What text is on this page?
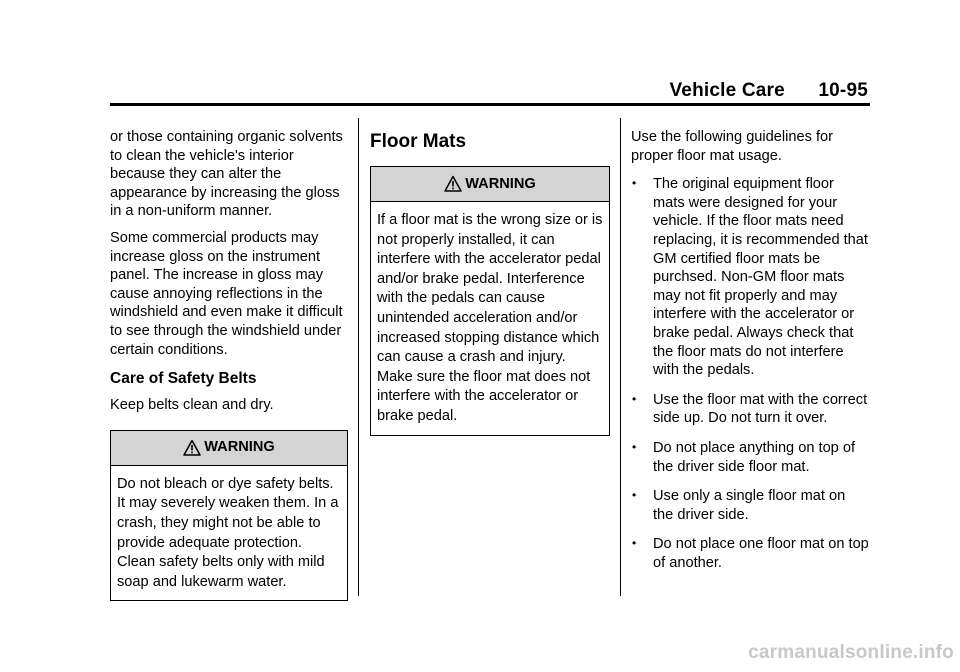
Vehicle Care 10-95

or those containing organic solvents to clean the vehicle's interior because they can alter the appearance by increasing the gloss in a non-uniform manner.

Some commercial products may increase gloss on the instrument panel. The increase in gloss may cause annoying reflections in the windshield and even make it difficult to see through the windshield under certain conditions.

Care of Safety Belts

Keep belts clean and dry.

WARNING
Do not bleach or dye safety belts. It may severely weaken them. In a crash, they might not be able to provide adequate protection. Clean safety belts only with mild soap and lukewarm water.
Floor Mats
WARNING
If a floor mat is the wrong size or is not properly installed, it can interfere with the accelerator pedal and/or brake pedal. Interference with the pedals can cause unintended acceleration and/or increased stopping distance which can cause a crash and injury. Make sure the floor mat does not interfere with the accelerator or brake pedal.

Use the following guidelines for proper floor mat usage.

• The original equipment floor mats were designed for your vehicle. If the floor mats need replacing, it is recommended that GM certified floor mats be purchsed. Non-GM floor mats may not fit properly and may interfere with the accelerator or brake pedal. Always check that the floor mats do not interfere with the pedals.
• Use the floor mat with the correct side up. Do not turn it over.
• Do not place anything on top of the driver side floor mat.
• Use only a single floor mat on the driver side.
• Do not place one floor mat on top of another.
carmanualsonline.info
